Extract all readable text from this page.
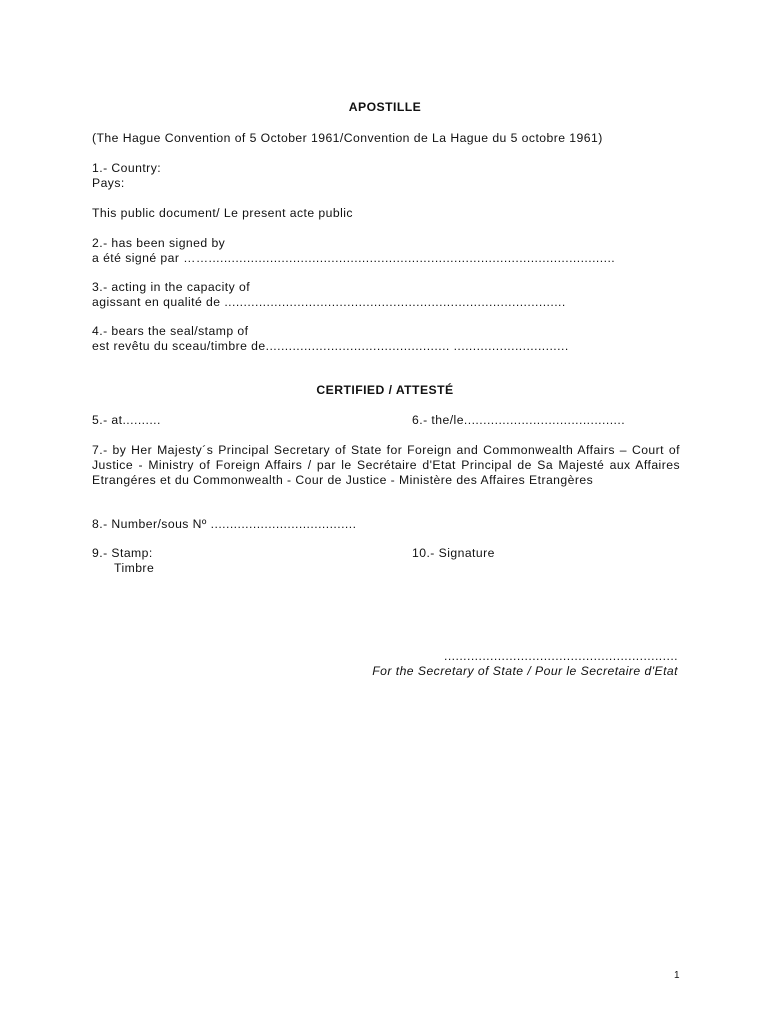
APOSTILLE
(The Hague Convention of 5 October 1961/Convention de La Hague du 5 octobre 1961)
1.- Country:
Pays:
This public document/ Le present acte public
2.- has been signed by
a été signé par ……..........................................................................................................
3.- acting in the capacity of
agissant en qualité de .........................................................................................
4.- bears the seal/stamp of
est revêtu du sceau/timbre de................................................ ..............................
CERTIFIED / ATTESTÉ
5.- at..........	6.- the/le..........................................
7.- by Her Majesty´s Principal Secretary of State for Foreign and Commonwealth Affairs – Court of Justice - Ministry of Foreign Affairs / par le Secrétaire d'Etat Principal de Sa Majesté aux Affaires Etrangéres et du Commonwealth - Cour de Justice - Ministère des Affaires Etrangères
8.- Number/sous Nº ......................................
9.- Stamp:
Timbre
10.- Signature
.............................................................
For the Secretary of State / Pour le Secretaire d'Etat
1
